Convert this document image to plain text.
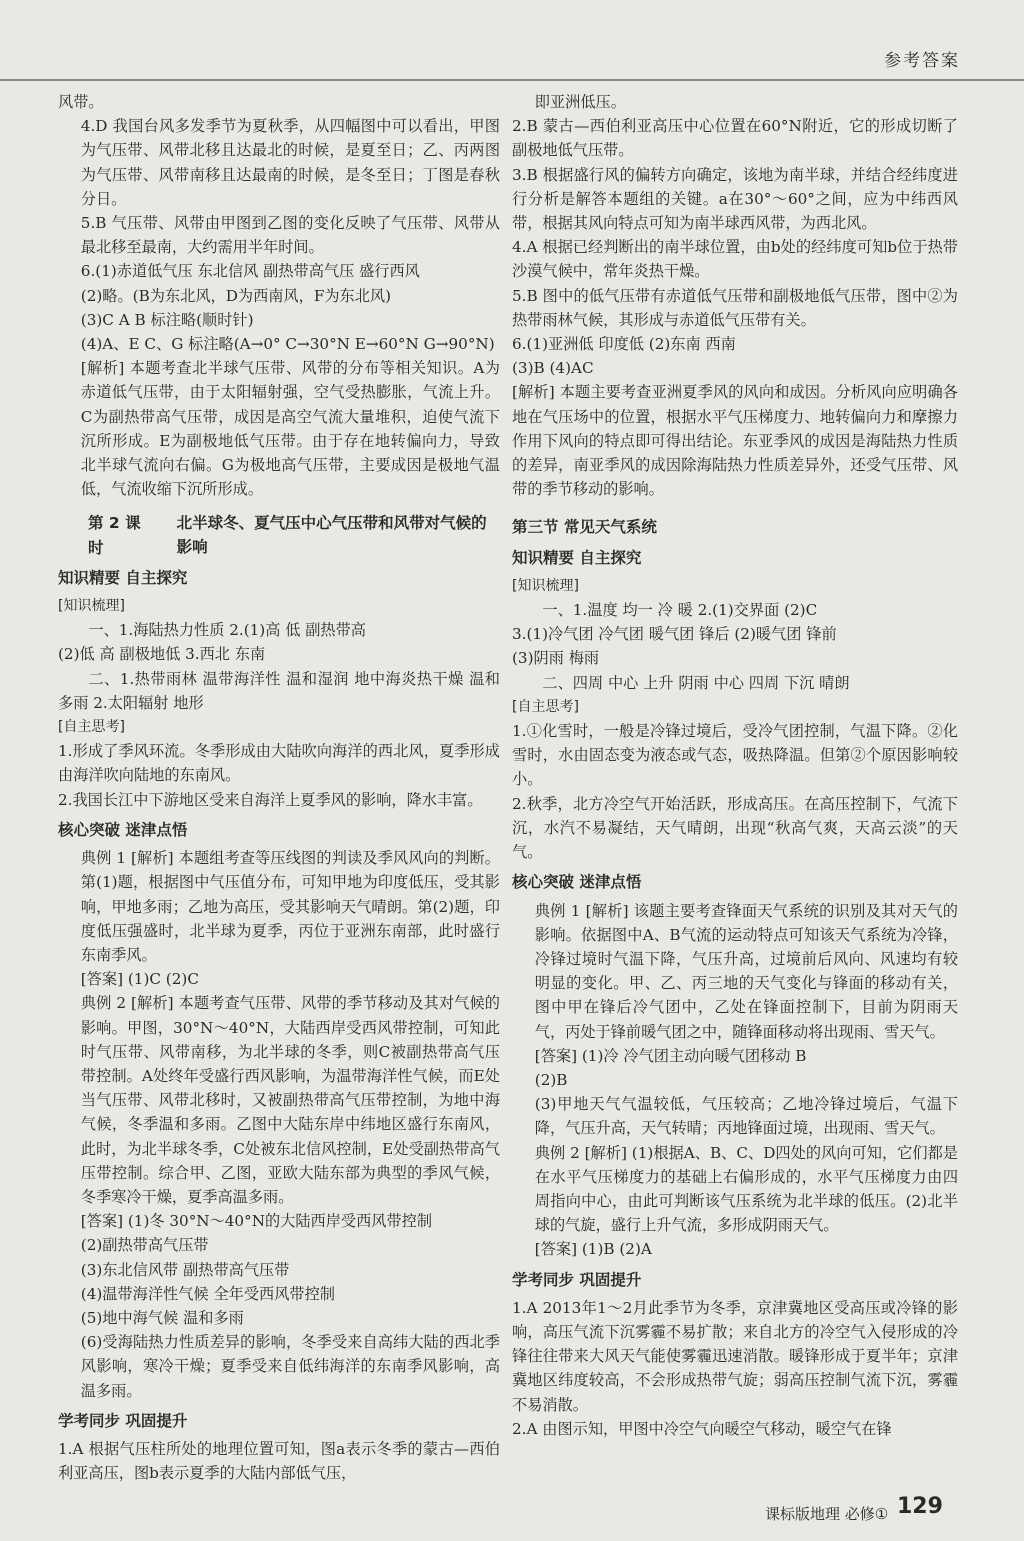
参考答案

风带。

4.D 我国台风多发季节为夏秋季，从四幅图中可以看出，甲图为气压带、风带北移且达最北的时候，是夏至日；乙、丙两图为气压带、风带南移且达最南的时候，是冬至日；丁图是春秋分日。

5.B 气压带、风带由甲图到乙图的变化反映了气压带、风带从最北移至最南，大约需用半年时间。

6.(1)赤道低气压 东北信风 副热带高气压 盛行西风

(2)略。(B为东北风，D为西南风，F为东北风)

(3)C A B 标注略(顺时针)

(4)A、E C、G 标注略(A→0° C→30°N E→60°N G→90°N)

[解析] 本题考查北半球气压带、风带的分布等相关知识。A为赤道低气压带，由于太阳辐射强，空气受热膨胀，气流上升。C为副热带高气压带，成因是高空气流大量堆积，迫使气流下沉所形成。E为副极地低气压带。由于存在地转偏向力，导致北半球气流向右偏。G为极地高气压带，主要成因是极地气温低，气流收缩下沉所形成。

第 2 课时
北半球冬、夏气压中心气压带和风带对气候的影响

知识精要 自主探究

[知识梳理]

一、1.海陆热力性质 2.(1)高 低 副热带高

(2)低 高 副极地低 3.西北 东南

二、1.热带雨林 温带海洋性 温和湿润 地中海炎热干燥 温和多雨 2.太阳辐射 地形

[自主思考]

1.形成了季风环流。冬季形成由大陆吹向海洋的西北风，夏季形成由海洋吹向陆地的东南风。

2.我国长江中下游地区受来自海洋上夏季风的影响，降水丰富。

核心突破 迷津点悟

典例 1 [解析] 本题组考查等压线图的判读及季风风向的判断。第(1)题，根据图中气压值分布，可知甲地为印度低压，受其影响，甲地多雨；乙地为高压，受其影响天气晴朗。第(2)题，印度低压强盛时，北半球为夏季，丙位于亚洲东南部，此时盛行东南季风。

[答案] (1)C (2)C

典例 2 [解析] 本题考查气压带、风带的季节移动及其对气候的影响。甲图，30°N～40°N，大陆西岸受西风带控制，可知此时气压带、风带南移，为北半球的冬季，则C被副热带高气压带控制。A处终年受盛行西风影响，为温带海洋性气候，而E处当气压带、风带北移时，又被副热带高气压带控制，为地中海气候，冬季温和多雨。乙图中大陆东岸中纬地区盛行东南风，此时，为北半球冬季，C处被东北信风控制，E处受副热带高气压带控制。综合甲、乙图，亚欧大陆东部为典型的季风气候，冬季寒冷干燥，夏季高温多雨。

[答案] (1)冬 30°N～40°N的大陆西岸受西风带控制

(2)副热带高气压带

(3)东北信风带 副热带高气压带

(4)温带海洋性气候 全年受西风带控制

(5)地中海气候 温和多雨

(6)受海陆热力性质差异的影响，冬季受来自高纬大陆的西北季风影响，寒冷干燥；夏季受来自低纬海洋的东南季风影响，高温多雨。

学考同步 巩固提升

1.A 根据气压柱所处的地理位置可知，图a表示冬季的蒙古—西伯利亚高压，图b表示夏季的大陆内部低气压，

即亚洲低压。

2.B 蒙古—西伯利亚高压中心位置在60°N附近，它的形成切断了副极地低气压带。

3.B 根据盛行风的偏转方向确定，该地为南半球，并结合经纬度进行分析是解答本题组的关键。a在30°～60°之间，应为中纬西风带，根据其风向特点可知为南半球西风带，为西北风。

4.A 根据已经判断出的南半球位置，由b处的经纬度可知b位于热带沙漠气候中，常年炎热干燥。

5.B 图中的低气压带有赤道低气压带和副极地低气压带，图中②为热带雨林气候，其形成与赤道低气压带有关。

6.(1)亚洲低 印度低 (2)东南 西南

(3)B (4)AC

[解析] 本题主要考查亚洲夏季风的风向和成因。分析风向应明确各地在气压场中的位置，根据水平气压梯度力、地转偏向力和摩擦力作用下风向的特点即可得出结论。东亚季风的成因是海陆热力性质的差异，南亚季风的成因除海陆热力性质差异外，还受气压带、风带的季节移动的影响。

第三节 常见天气系统

知识精要 自主探究

[知识梳理]

一、1.温度 均一 冷 暖 2.(1)交界面 (2)C

3.(1)冷气团 冷气团 暖气团 锋后 (2)暖气团 锋前

(3)阴雨 梅雨

二、四周 中心 上升 阴雨 中心 四周 下沉 晴朗

[自主思考]

1.①化雪时，一般是冷锋过境后，受冷气团控制，气温下降。②化雪时，水由固态变为液态或气态，吸热降温。但第②个原因影响较小。

2.秋季，北方冷空气开始活跃，形成高压。在高压控制下，气流下沉，水汽不易凝结，天气晴朗，出现“秋高气爽，天高云淡”的天气。

核心突破 迷津点悟

典例 1 [解析] 该题主要考查锋面天气系统的识别及其对天气的影响。依据图中A、B气流的运动特点可知该天气系统为冷锋，冷锋过境时气温下降，气压升高，过境前后风向、风速均有较明显的变化。甲、乙、丙三地的天气变化与锋面的移动有关，图中甲在锋后冷气团中，乙处在锋面控制下，目前为阴雨天气，丙处于锋前暖气团之中，随锋面移动将出现雨、雪天气。

[答案] (1)冷 冷气团主动向暖气团移动 B

(2)B

(3)甲地天气气温较低，气压较高；乙地冷锋过境后，气温下降，气压升高，天气转晴；丙地锋面过境，出现雨、雪天气。

典例 2 [解析] (1)根据A、B、C、D四处的风向可知，它们都是在水平气压梯度力的基础上右偏形成的，水平气压梯度力由四周指向中心，由此可判断该气压系统为北半球的低压。(2)北半球的气旋，盛行上升气流，多形成阴雨天气。

[答案] (1)B (2)A

学考同步 巩固提升

1.A 2013年1～2月此季节为冬季，京津冀地区受高压或冷锋的影响，高压气流下沉雾霾不易扩散；来自北方的冷空气入侵形成的冷锋往往带来大风天气能使雾霾迅速消散。暖锋形成于夏半年；京津冀地区纬度较高，不会形成热带气旋；弱高压控制气流下沉，雾霾不易消散。

2.A 由图示知，甲图中冷空气向暖空气移动，暖空气在锋

课标版地理 必修① 129
